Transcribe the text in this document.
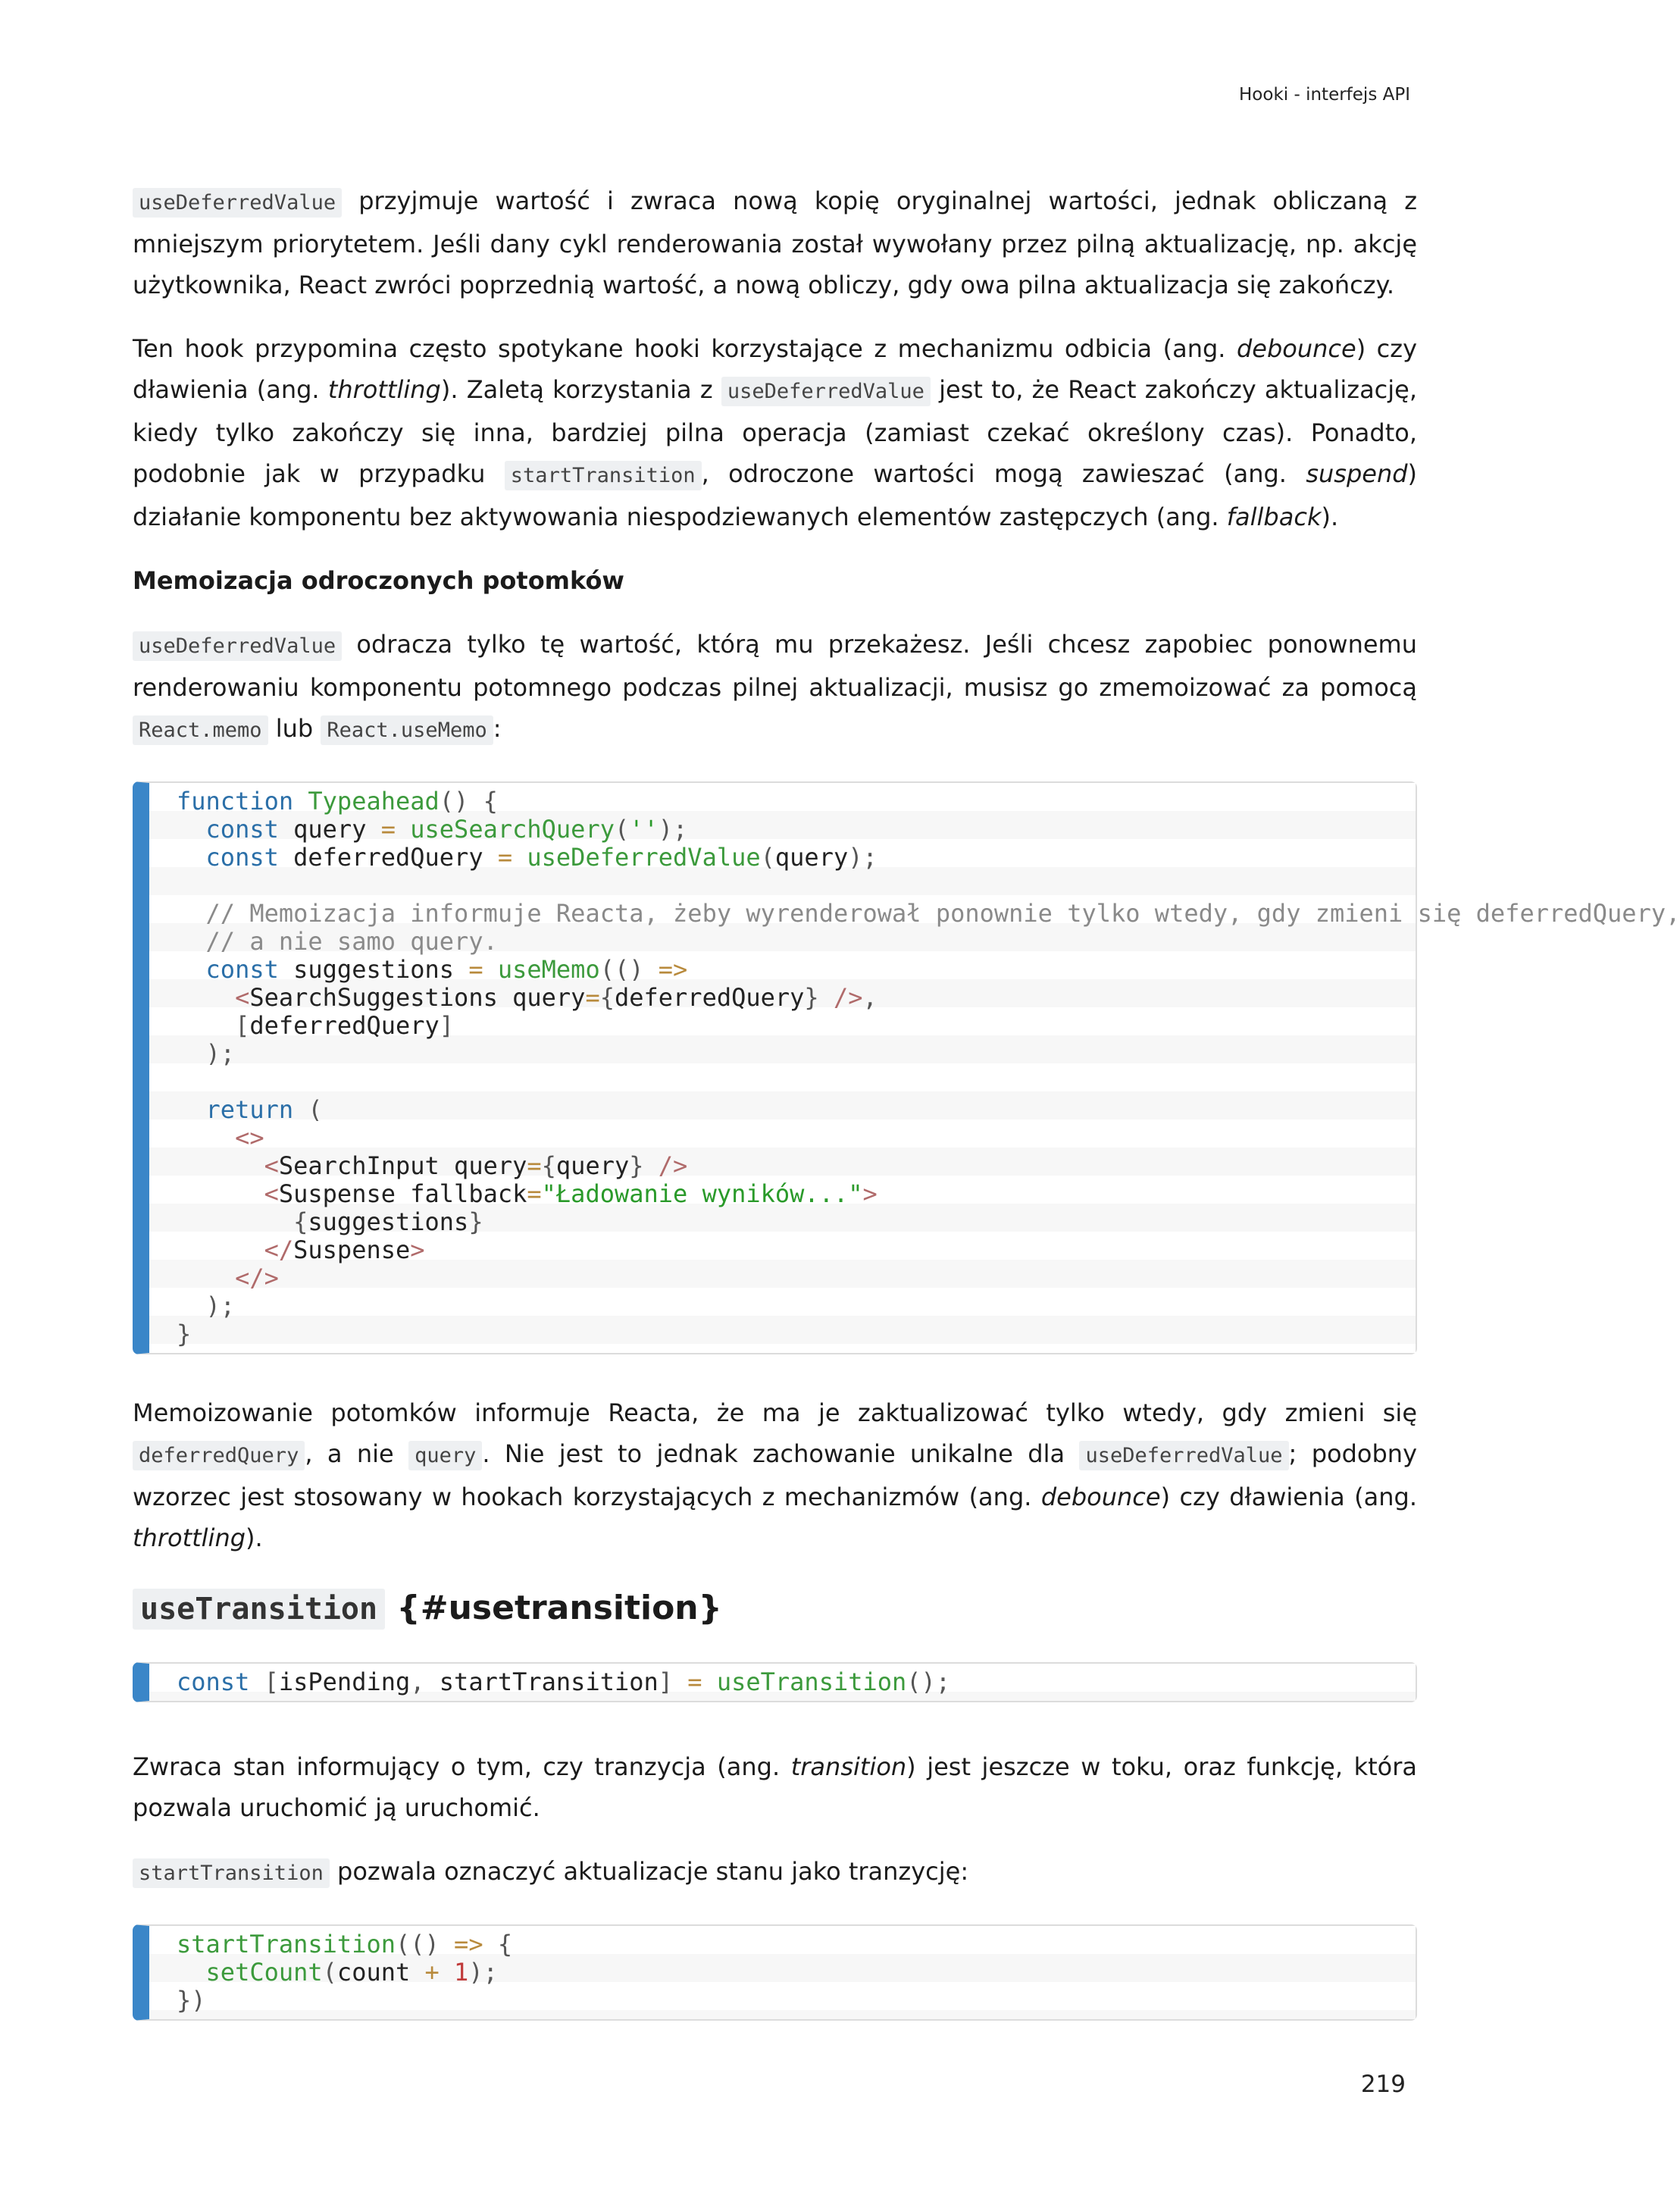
Hooki - interfejs API

useDeferredValue przyjmuje wartość i zwraca nową kopię oryginalnej wartości, jednak obliczaną z mniejszym priorytetem. Jeśli dany cykl renderowania został wywołany przez pilną aktualizację, np. akcję użytkownika, React zwróci poprzednią wartość, a nową obliczy, gdy owa pilna aktualizacja się zakończy.

Ten hook przypomina często spotykane hooki korzystające z mechanizmu odbicia (ang. debounce) czy dławienia (ang. throttling). Zaletą korzystania z useDeferredValue jest to, że React zakończy aktualizację, kiedy tylko zakończy się inna, bardziej pilna operacja (zamiast czekać określony czas). Ponadto, podobnie jak w przypadku startTransition , odroczone wartości mogą zawieszać (ang. suspend) działanie komponentu bez aktywowania niespodziewanych elementów zastępczych (ang. fallback).

Memoizacja odroczonych potomków

useDeferredValue odracza tylko tę wartość, którą mu przekażesz. Jeśli chcesz zapobiec ponownemu renderowaniu komponentu potomnego podczas pilnej aktualizacji, musisz go zmemoizować za pomocą React.memo lub React.useMemo :

function Typeahead() {
const query = useSearchQuery('');
const deferredQuery = useDeferredValue(query);

// Memoizacja informuje Reacta, żeby wyrenderował ponownie tylko wtedy, gdy zmieni się deferredQuery,
// a nie samo query.
const suggestions = useMemo(() =>
<SearchSuggestions query={deferredQuery} />,
[deferredQuery]
);

return (
<>
<SearchInput query={query} />
<Suspense fallback="Ładowanie wyników...">
{suggestions}
</Suspense>
</>
);
}

Memoizowanie potomków informuje Reacta, że ma je zaktualizować tylko wtedy, gdy zmieni się deferredQuery , a nie query . Nie jest to jednak zachowanie unikalne dla useDeferredValue ; podobny wzorzec jest stosowany w hookach korzystających z mechanizmów (ang. debounce) czy dławienia (ang. throttling).

useTransition {#usetransition}
const [isPending, startTransition] = useTransition();

Zwraca stan informujący o tym, czy tranzycja (ang. transition) jest jeszcze w toku, oraz funkcję, która pozwala uruchomić ją uruchomić.

startTransition pozwala oznaczyć aktualizacje stanu jako tranzycję:

startTransition(() => {
setCount(count + 1);
})
219
